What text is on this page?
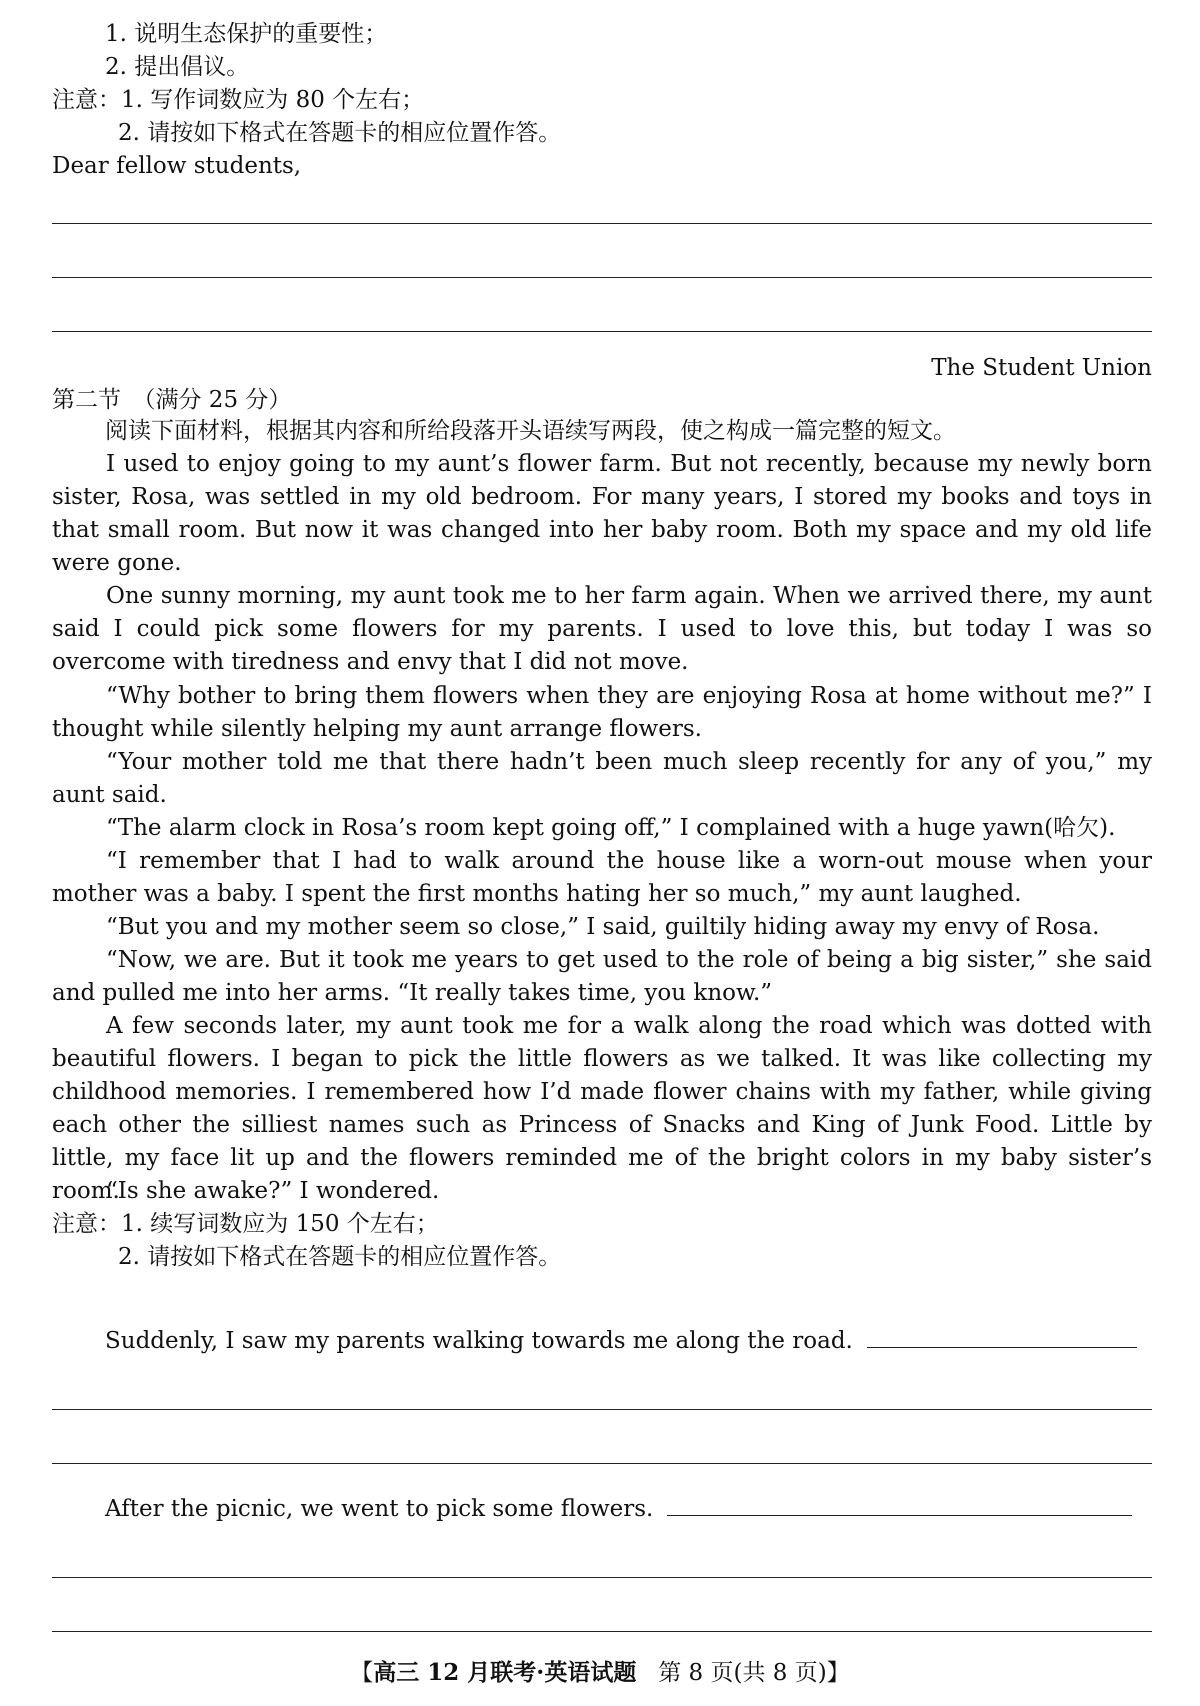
1. 说明生态保护的重要性；
2. 提出倡议。
注意：1. 写作词数应为 80 个左右；
2. 请按如下格式在答题卡的相应位置作答。
Dear fellow students,
The Student Union
第二节　（满分 25 分）
阅读下面材料，根据其内容和所给段落开头语续写两段，使之构成一篇完整的短文。

I used to enjoy going to my aunt’s flower farm. But not recently, because my newly born sister, Rosa, was settled in my old bedroom. For many years, I stored my books and toys in that small room. But now it was changed into her baby room. Both my space and my old life were gone.

One sunny morning, my aunt took me to her farm again. When we arrived there, my aunt said I could pick some flowers for my parents. I used to love this, but today I was so overcome with tiredness and envy that I did not move.

“Why bother to bring them flowers when they are enjoying Rosa at home without me?” I thought while silently helping my aunt arrange flowers.

“Your mother told me that there hadn’t been much sleep recently for any of you,” my aunt said.

“The alarm clock in Rosa’s room kept going off,” I complained with a huge yawn(哈欠).

“I remember that I had to walk around the house like a worn-out mouse when your mother was a baby. I spent the first months hating her so much,” my aunt laughed.

“But you and my mother seem so close,” I said, guiltily hiding away my envy of Rosa.

“Now, we are. But it took me years to get used to the role of being a big sister,” she said and pulled me into her arms. “It really takes time, you know.”

A few seconds later, my aunt took me for a walk along the road which was dotted with beautiful flowers. I began to pick the little flowers as we talked. It was like collecting my childhood memories. I remembered how I’d made flower chains with my father, while giving each other the silliest names such as Princess of Snacks and King of Junk Food. Little by little, my face lit up and the flowers reminded me of the bright colors in my baby sister’s room.

“Is she awake?” I wondered.

注意：1. 续写词数应为 150 个左右；
2. 请按如下格式在答题卡的相应位置作答。
Suddenly, I saw my parents walking towards me along the road.
After the picnic, we went to pick some flowers.
【高三 12 月联考·英语试题 第 8 页(共 8 页)】
